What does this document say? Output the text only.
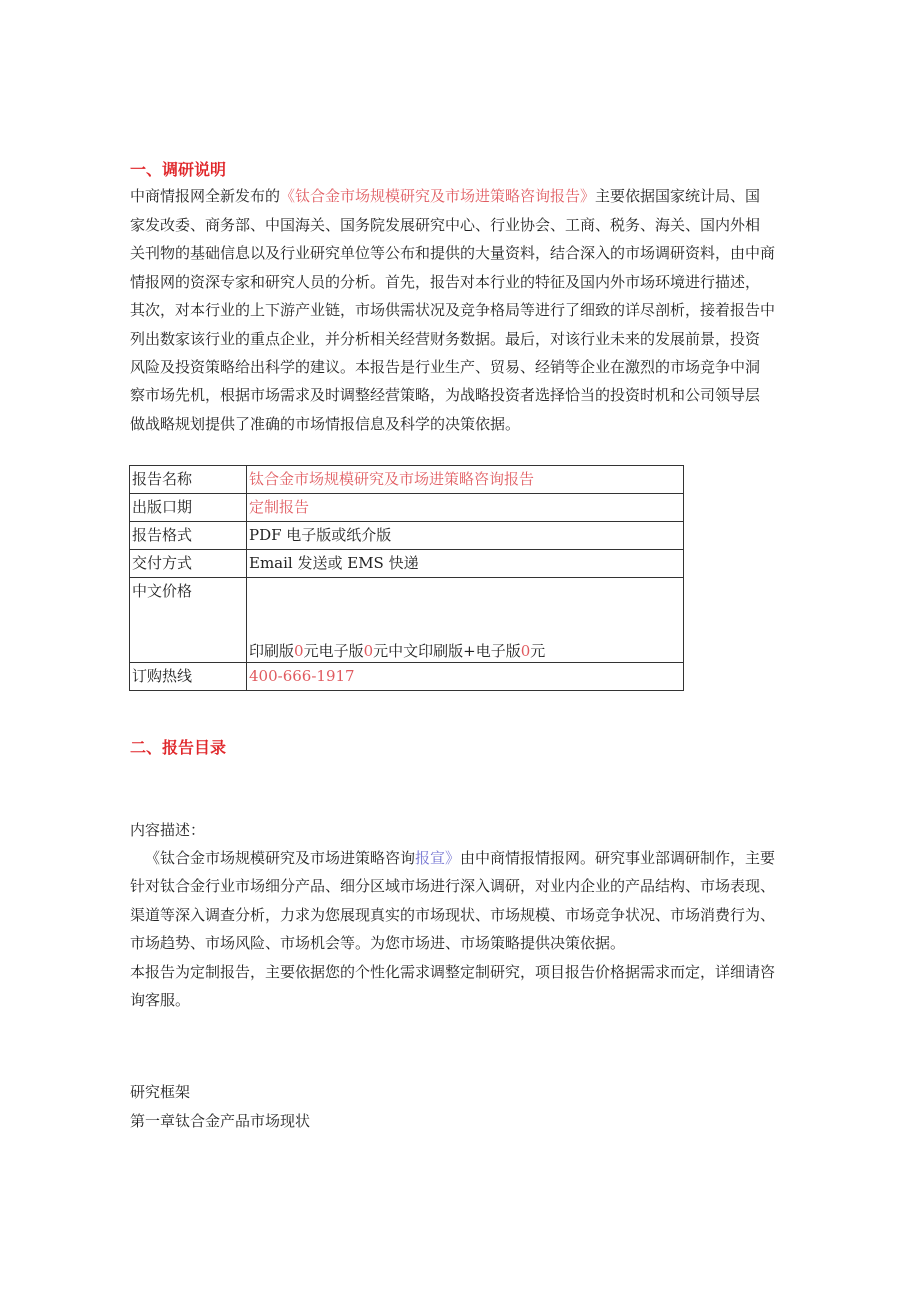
一、调研说明
中商情报网全新发布的《钛合金市场规模研究及市场进策略咨询报告》主要依据国家统计局、国
家发改委、商务部、中国海关、国务院发展研究中心、行业协会、工商、税务、海关、国内外相
关刊物的基础信息以及行业研究单位等公布和提供的大量资料，结合深入的市场调研资料，由中商
情报网的资深专家和研究人员的分析。首先，报告对本行业的特征及国内外市场环境进行描述，
其次，对本行业的上下游产业链，市场供需状况及竞争格局等进行了细致的详尽剖析，接着报告中
列出数家该行业的重点企业，并分析相关经营财务数据。最后，对该行业未来的发展前景，投资
风险及投资策略给出科学的建议。本报告是行业生产、贸易、经销等企业在激烈的市场竞争中洞
察市场先机，根据市场需求及时调整经营策略，为战略投资者选择恰当的投资时机和公司领导层
做战略规划提供了准确的市场情报信息及科学的决策依据。
报告名称	钛合金市场规模研究及市场进策略咨询报告
出版口期	定制报告
报告格式	PDF 电子版或纸介版
交付方式	Email 发送或 EMS 快递
中文价格	印刷版0元电子版0元中文印刷版+电子版0元
订购热线	400-666-1917
二、报告目录
内容描述：
《钛合金市场规模研究及市场进策略咨询报宣》由中商情报情报网。研究事业部调研制作，主要
针对钛合金行业市场细分产品、细分区域市场进行深入调研，对业内企业的产品结构、市场表现、
渠道等深入调查分析，力求为您展现真实的市场现状、市场规模、市场竞争状况、市场消费行为、
市场趋势、市场风险、市场机会等。为您市场进、市场策略提供决策依据。
本报告为定制报告，主要依据您的个性化需求调整定制研究，项目报告价格据需求而定，详细请咨
询客服。
研究框架
第一章钛合金产品市场现状
